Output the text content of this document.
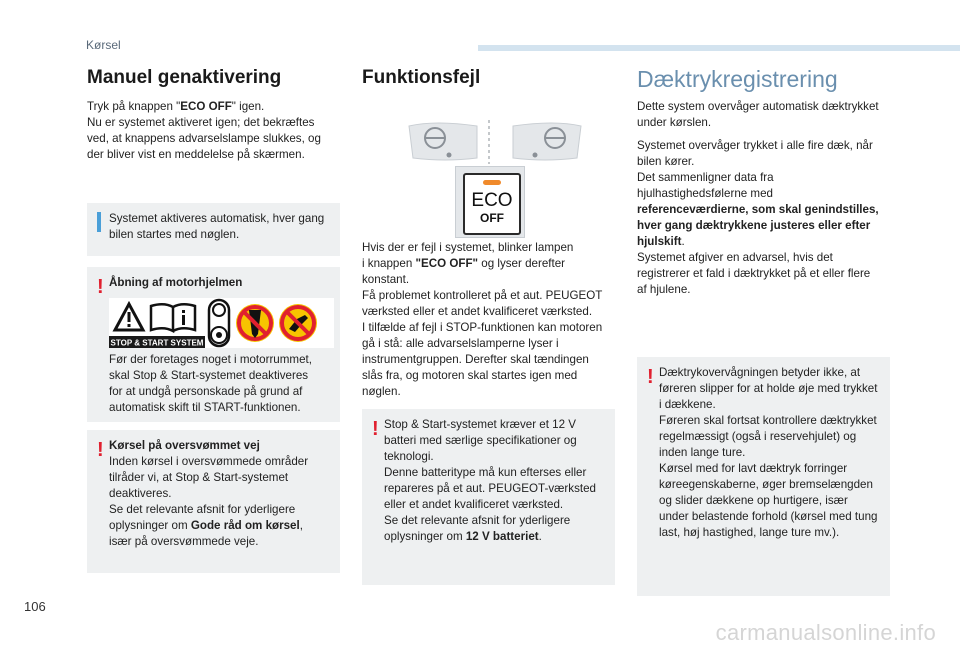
Kørsel
Manuel genaktivering

Tryk på knappen "ECO OFF" igen.

Nu er systemet aktiveret igen; det bekræftes

ved, at knappens advarselslampe slukkes, og

der bliver vist en meddelelse på skærmen.

Systemet aktiveres automatisk, hver gang

bilen startes med nøglen.

! Åbning af motorhjelmen

STOP & START SYSTEM

Før der foretages noget i motorrummet,

skal Stop & Start-systemet deaktiveres

for at undgå personskade på grund af

automatisk skift til START-funktionen.

! Kørsel på oversvømmet vej

Inden kørsel i oversvømmede områder

tilråder vi, at Stop & Start-systemet

deaktiveres.

Se det relevante afsnit for yderligere

oplysninger om Gode råd om kørsel,

især på oversvømmede veje.

Funktionsfejl
ECO
OFF

Hvis der er fejl i systemet, blinker lampen

i knappen "ECO OFF" og lyser derefter

konstant.

Få problemet kontrolleret på et aut. PEUGEOT

værksted eller et andet kvalificeret værksted.

I tilfælde af fejl i STOP-funktionen kan motoren

gå i stå: alle advarselslamperne lyser i

instrumentgruppen. Derefter skal tændingen

slås fra, og motoren skal startes igen med

nøglen.

! Stop & Start-systemet kræver et 12 V

batteri med særlige specifikationer og

teknologi.

Denne batteritype må kun efterses eller

repareres på et aut. PEUGEOT-værksted

eller et andet kvalificeret værksted.

Se det relevante afsnit for yderligere

oplysninger om 12 V batteriet.

Dæktrykregistrering

Dette system overvåger automatisk dæktrykket

under kørslen.

Systemet overvåger trykket i alle fire dæk, når

bilen kører.

Det sammenligner data fra

hjulhastighedsfølerne med

referenceværdierne, som skal genindstilles,

hver gang dæktrykkene justeres eller efter

hjulskift.

Systemet afgiver en advarsel, hvis det

registrerer et fald i dæktrykket på et eller flere

af hjulene.

! Dæktrykovervågningen betyder ikke, at

føreren slipper for at holde øje med trykket

i dækkene.

Føreren skal fortsat kontrollere dæktrykket

regelmæssigt (også i reservehjulet) og

inden lange ture.

Kørsel med for lavt dæktryk forringer

køreegenskaberne, øger bremselængden

og slider dækkene op hurtigere, især

under belastende forhold (kørsel med tung

last, høj hastighed, lange ture mv.).

106
carmanualsonline.info
